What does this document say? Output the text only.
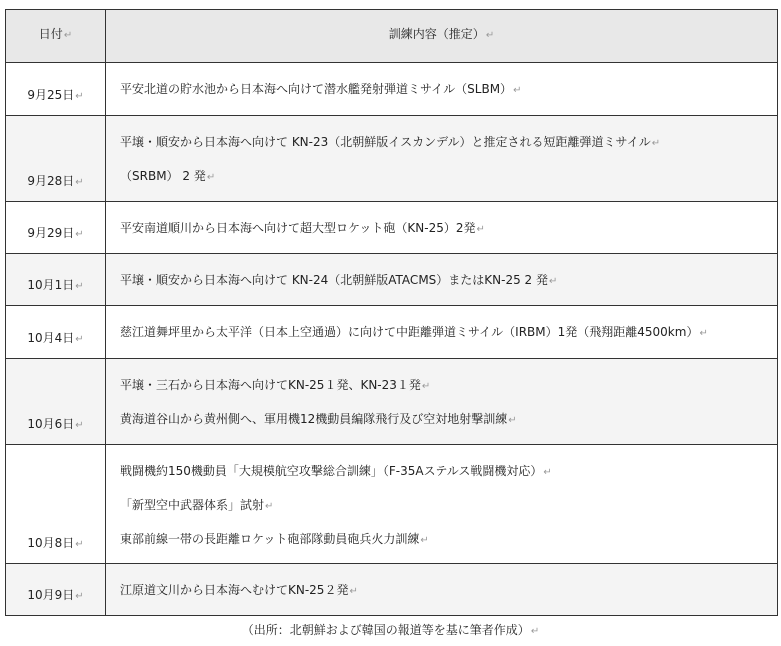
日付↵	訓練内容（推定）↵
9月25日↵	平安北道の貯水池から日本海へ向けて潜水艦発射弾道ミサイル（SLBM）↵

9月28日↵	平壌・順安から日本海へ向けて KN-23（北朝鮮版イスカンデル）と推定される短距離弾道ミサイル↵
（SRBM） 2 発↵

9月29日↵	平安南道順川から日本海へ向けて超大型ロケット砲（KN-25）2発↵

10月1日↵	平壌・順安から日本海へ向けて KN-24（北朝鮮版ATACMS）またはKN-25 2 発↵

10月4日↵	慈江道舞坪里から太平洋（日本上空通過）に向けて中距離弾道ミサイル（IRBM）1発（飛翔距離4500km）↵

10月6日↵	平壌・三石から日本海へ向けてKN-25１発、KN-23１発↵
黄海道谷山から黄州側へ、軍用機12機動員編隊飛行及び空対地射撃訓練↵

10月8日↵	戦闘機約150機動員「大規模航空攻撃総合訓練」（F-35Aステルス戦闘機対応）↵
「新型空中武器体系」試射↵
東部前線一帯の長距離ロケット砲部隊動員砲兵火力訓練↵

10月9日↵	江原道文川から日本海へむけてKN-25２発↵
（出所：北朝鮮および韓国の報道等を基に筆者作成）↵
